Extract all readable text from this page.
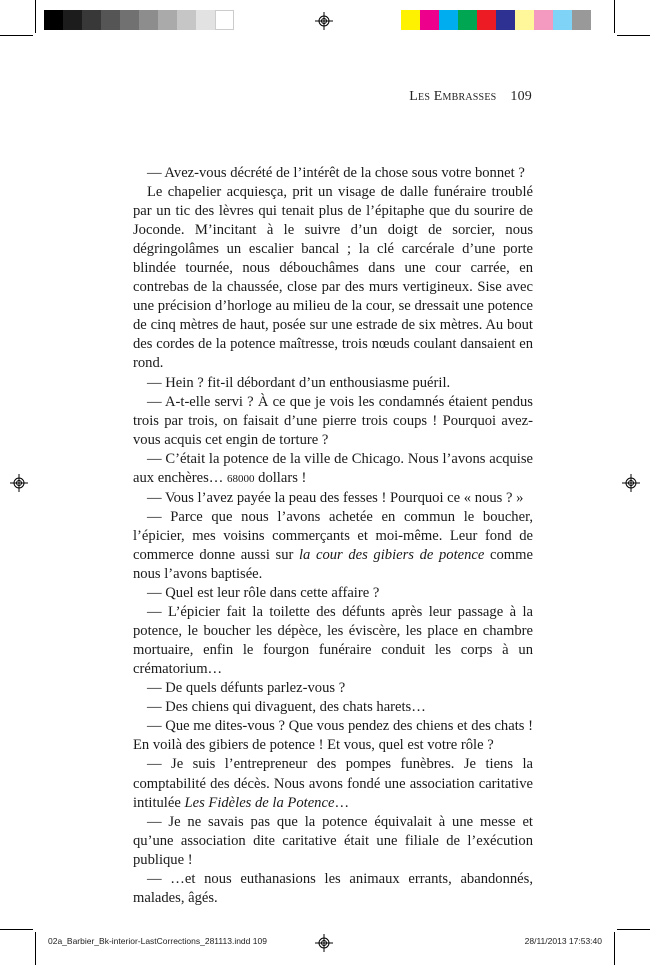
Les Embrasses 109

— Avez-vous décrété de l’intérêt de la chose sous votre bonnet ?

Le chapelier acquiesça, prit un visage de dalle funéraire troublé par un tic des lèvres qui tenait plus de l’épitaphe que du sourire de Joconde. M’incitant à le suivre d’un doigt de sorcier, nous dégringolâmes un escalier bancal ; la clé carcérale d’une porte blindée tournée, nous débouchâmes dans une cour carrée, en contrebas de la chaussée, close par des murs vertigineux. Sise avec une précision d’horloge au milieu de la cour, se dressait une potence de cinq mètres de haut, posée sur une estrade de six mètres. Au bout des cordes de la potence maîtresse, trois nœuds coulant dansaient en rond.

— Hein ? fit-il débordant d’un enthousiasme puéril.

— A-t-elle servi ? À ce que je vois les condamnés étaient pendus trois par trois, on faisait d’une pierre trois coups ! Pourquoi avez-vous acquis cet engin de torture ?

— C’était la potence de la ville de Chicago. Nous l’avons acquise aux enchères… 68000 dollars !

— Vous l’avez payée la peau des fesses ! Pourquoi ce « nous ? »

— Parce que nous l’avons achetée en commun le boucher, l’épicier, mes voisins commerçants et moi-même. Leur fond de commerce donne aussi sur la cour des gibiers de potence comme nous l’avons baptisée.

— Quel est leur rôle dans cette affaire ?

— L’épicier fait la toilette des défunts après leur passage à la potence, le boucher les dépèce, les éviscère, les place en chambre mortuaire, enfin le fourgon funéraire conduit les corps à un crématorium…

— De quels défunts parlez-vous ?

— Des chiens qui divaguent, des chats harets…

— Que me dites-vous ? Que vous pendez des chiens et des chats ! En voilà des gibiers de potence ! Et vous, quel est votre rôle ?

— Je suis l’entrepreneur des pompes funèbres. Je tiens la comptabilité des décès. Nous avons fondé une association caritative intitulée Les Fidèles de la Potence…

— Je ne savais pas que la potence équivalait à une messe et qu’une association dite caritative était une filiale de l’exécution publique !

— …et nous euthanasions les animaux errants, abandonnés, malades, âgés.

02a_Barbier_Bk-interior-LastCorrections_281113.indd 109	28/11/2013 17:53:40
